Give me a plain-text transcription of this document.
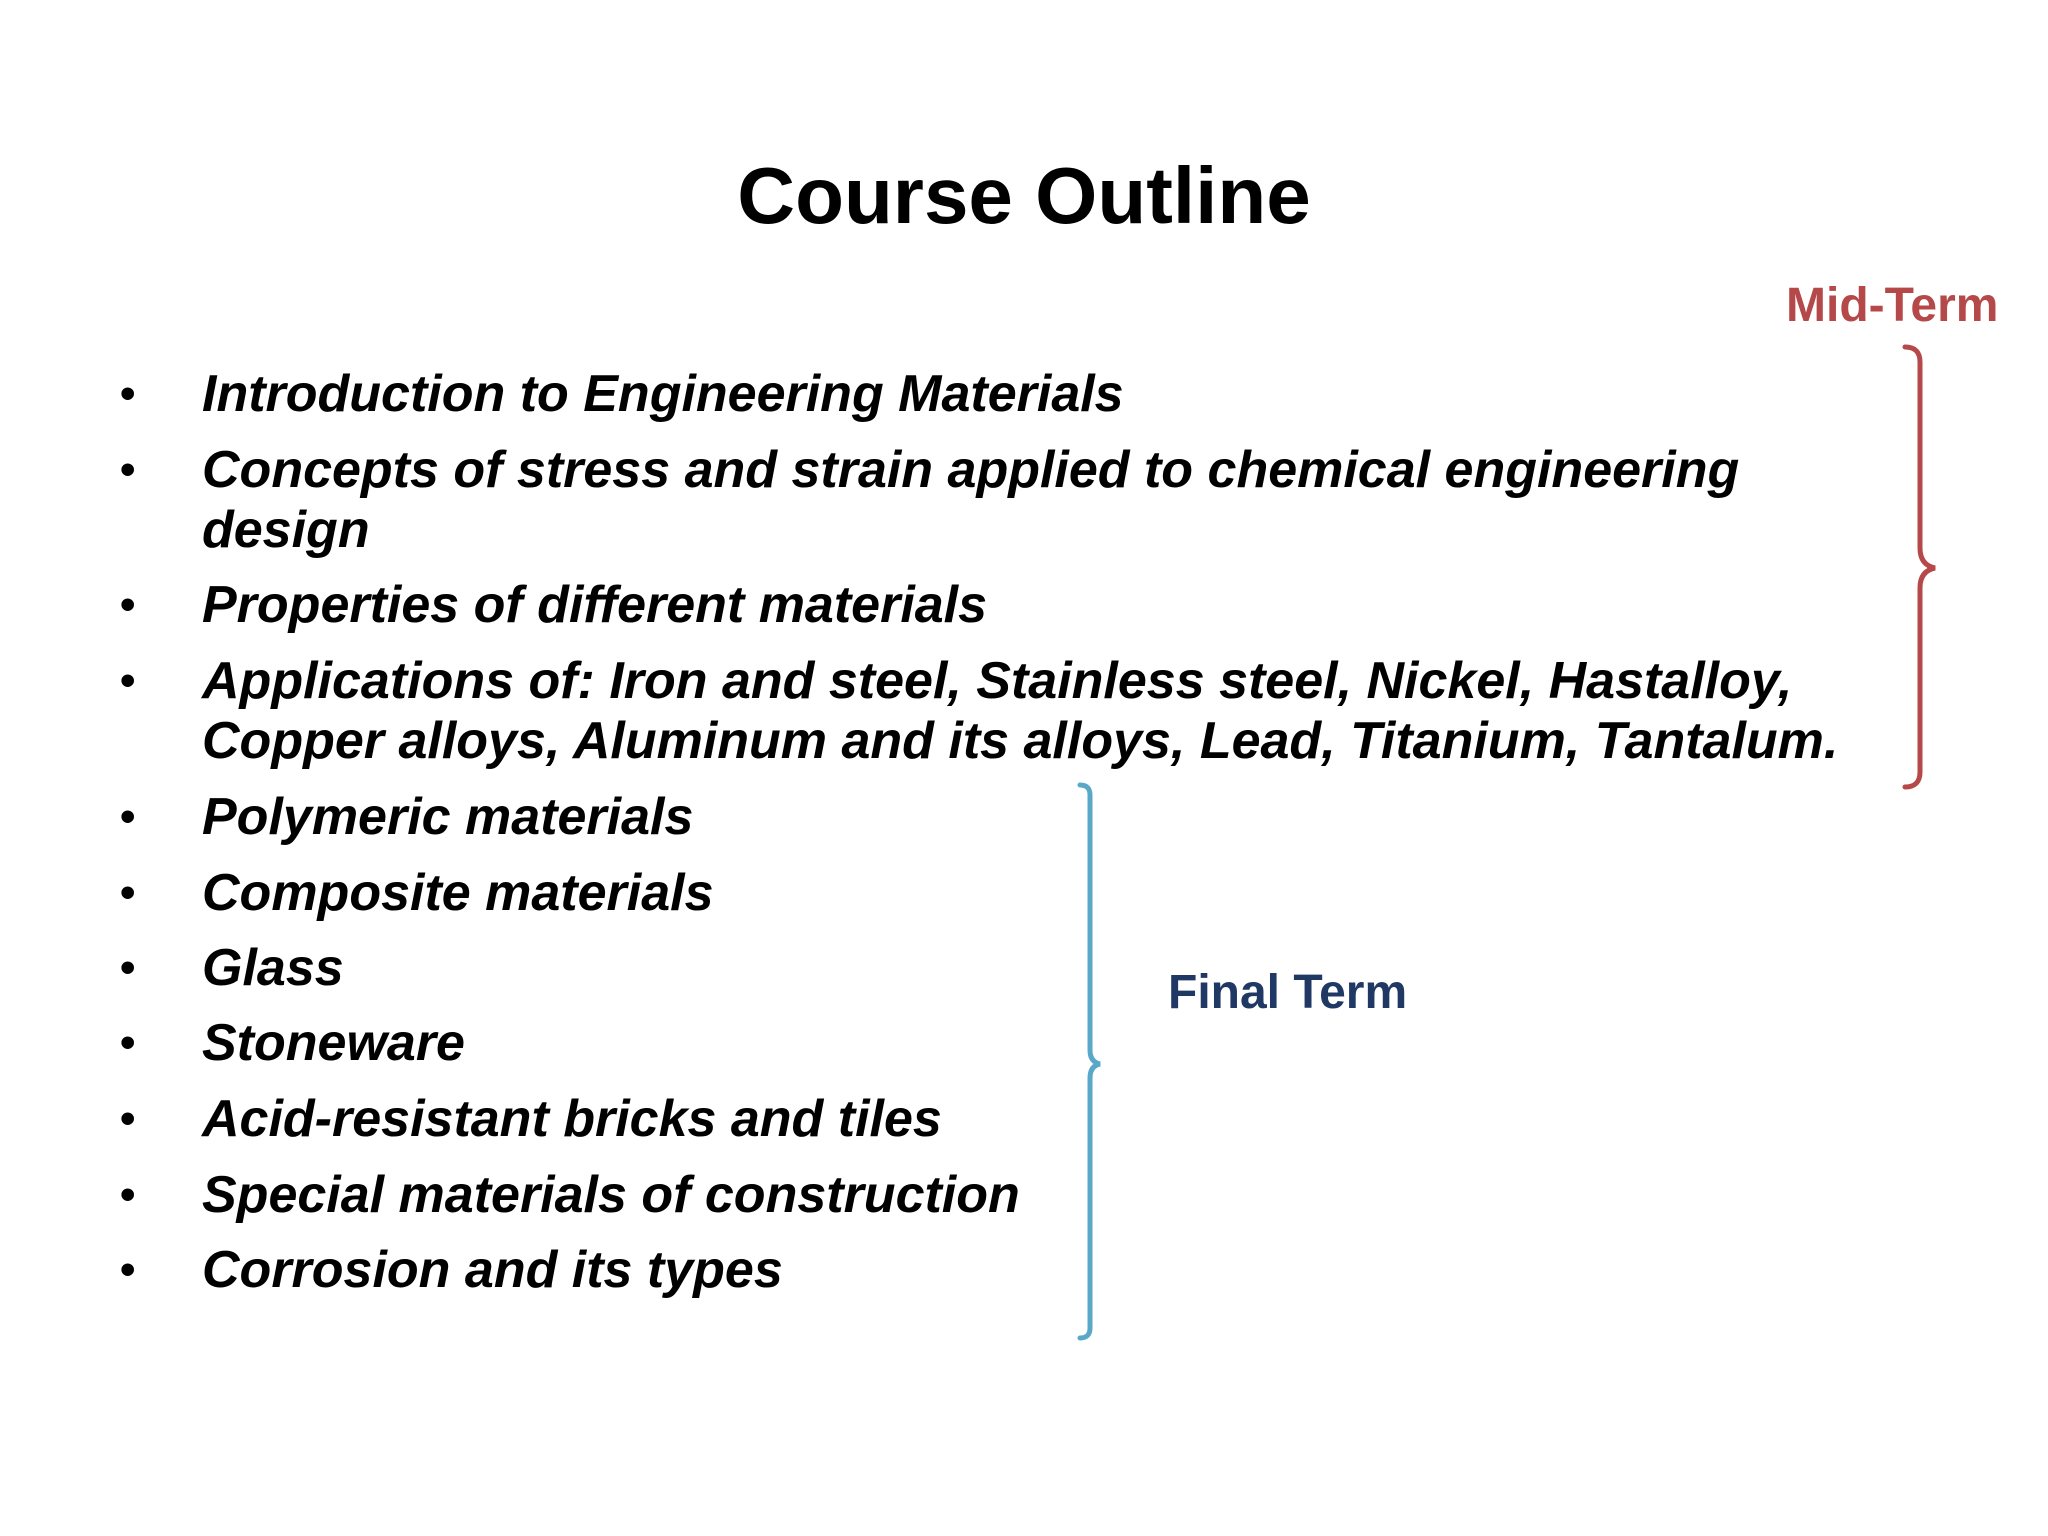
Course Outline
•	Introduction to Engineering Materials
•	Concepts of stress and strain applied to chemical engineering design
•	Properties of different materials
•	Applications of: Iron and steel, Stainless steel, Nickel, Hastalloy, Copper alloys, Aluminum and its alloys, Lead, Titanium, Tantalum.
•	Polymeric materials
•	Composite materials
•	Glass
•	Stoneware
•	Acid-resistant bricks and tiles
•	Special materials of construction
•	Corrosion and its types
Mid-Term
Final Term
